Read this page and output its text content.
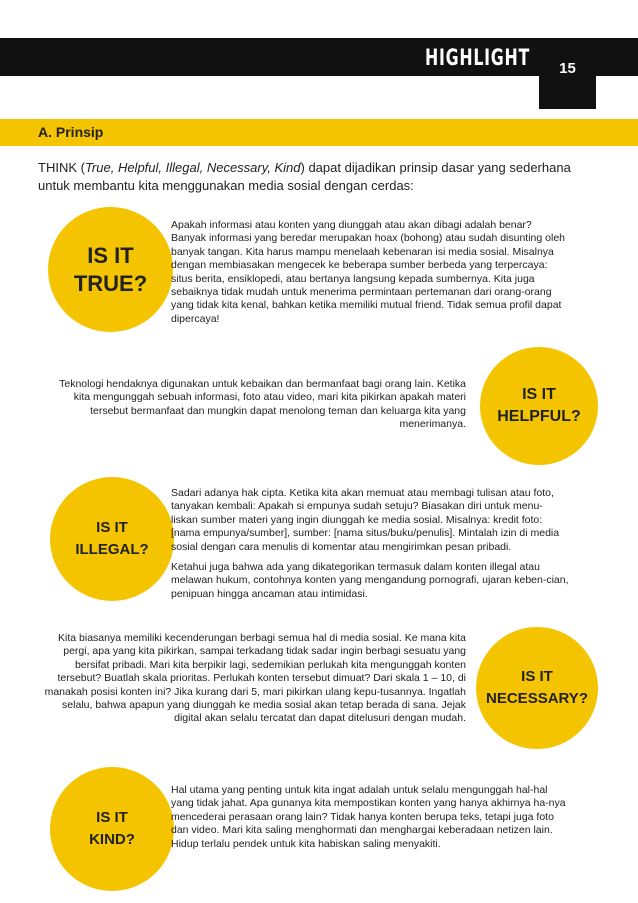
HIGHLIGHT	15
A. Prinsip
THINK (True, Helpful, Illegal, Necessary, Kind) dapat dijadikan prinsip dasar yang sederhana untuk membantu kita menggunakan media sosial dengan cerdas:
IS IT
TRUE?
Apakah informasi atau konten yang diunggah atau akan dibagi adalah benar? Banyak informasi yang beredar merupakan hoax (bohong) atau sudah disunting oleh banyak tangan. Kita harus mampu menelaah kebenaran isi media sosial. Misalnya dengan membiasakan mengecek ke beberapa sumber berbeda yang terpercaya: situs berita, ensiklopedi, atau bertanya langsung kepada sumbernya. Kita juga sebaiknya tidak mudah untuk menerima permintaan pertemanan dari orang-orang yang tidak kita kenal, bahkan ketika memiliki mutual friend. Tidak semua profil dapat dipercaya!
IS IT
HELPFUL?
Teknologi hendaknya digunakan untuk kebaikan dan bermanfaat bagi orang lain. Ketika kita mengunggah sebuah informasi, foto atau video, mari kita pikirkan apakah materi tersebut bermanfaat dan mungkin dapat menolong teman dan keluarga kita yang menerimanya.
IS IT
ILLEGAL?
Sadari adanya hak cipta. Ketika kita akan memuat atau membagi tulisan atau foto, tanyakan kembali: Apakah si empunya sudah setuju? Biasakan diri untuk menu-liskan sumber materi yang ingin diunggah ke media sosial. Misalnya: kredit foto: [nama empunya/sumber], sumber: [nama situs/buku/penulis]. Mintalah izin di media sosial dengan cara menulis di komentar atau mengirimkan pesan pribadi.
Ketahui juga bahwa ada yang dikategorikan termasuk dalam konten illegal atau melawan hukum, contohnya konten yang mengandung pornografi, ujaran keben-cian, penipuan hingga ancaman atau intimidasi.
IS IT
NECESSARY?
Kita biasanya memiliki kecenderungan berbagi semua hal di media sosial. Ke mana kita pergi, apa yang kita pikirkan, sampai terkadang tidak sadar ingin berbagi sesuatu yang bersifat pribadi. Mari kita berpikir lagi, sedemikian perlukah kita mengunggah konten tersebut? Buatlah skala prioritas. Perlukah konten tersebut dimuat? Dari skala 1 – 10, di manakah posisi konten ini? Jika kurang dari 5, mari pikirkan ulang kepu-tusannya. Ingatlah selalu, bahwa apapun yang diunggah ke media sosial akan tetap berada di sana. Jejak digital akan selalu tercatat dan dapat ditelusuri dengan mudah.
IS IT
KIND?
Hal utama yang penting untuk kita ingat adalah untuk selalu mengunggah hal-hal yang tidak jahat. Apa gunanya kita mempostikan konten yang hanya akhirnya ha-nya mencederai perasaan orang lain? Tidak hanya konten berupa teks, tetapi juga foto dan video. Mari kita saling menghormati dan menghargai keberadaan netizen lain. Hidup terlalu pendek untuk kita habiskan saling menyakiti.
